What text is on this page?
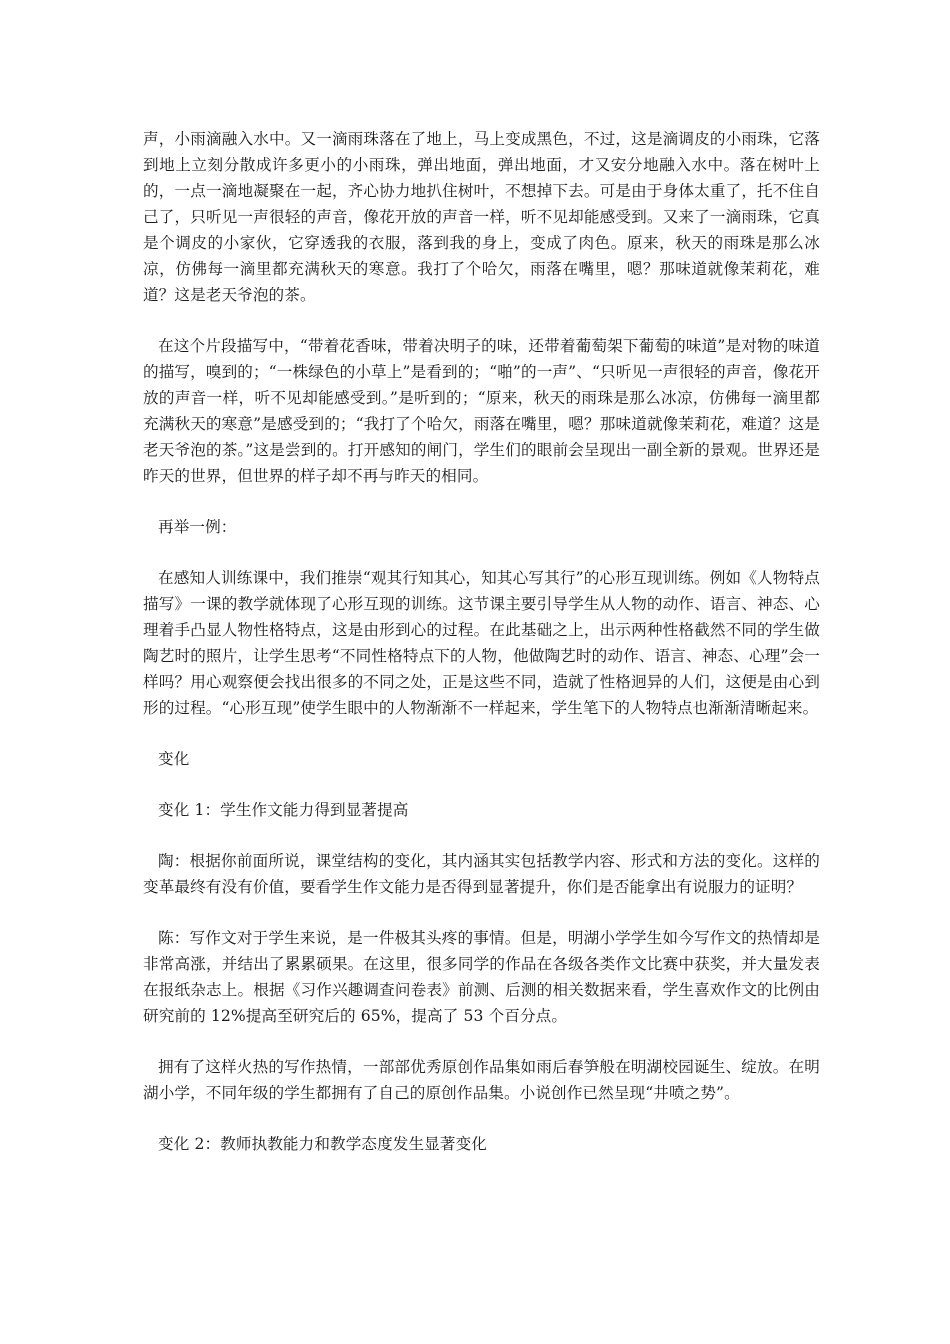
声，小雨滴融入水中。又一滴雨珠落在了地上，马上变成黑色，不过，这是滴调皮的小雨珠，它落到地上立刻分散成许多更小的小雨珠，弹出地面，弹出地面，才又安分地融入水中。落在树叶上的，一点一滴地凝聚在一起，齐心协力地扒住树叶，不想掉下去。可是由于身体太重了，托不住自己了，只听见一声很轻的声音，像花开放的声音一样，听不见却能感受到。又来了一滴雨珠，它真是个调皮的小家伙，它穿透我的衣服，落到我的身上，变成了肉色。原来，秋天的雨珠是那么冰凉，仿佛每一滴里都充满秋天的寒意。我打了个哈欠，雨落在嘴里，嗯？那味道就像茉莉花，难道？这是老天爷泡的茶。

在这个片段描写中，“带着花香味，带着决明子的味，还带着葡萄架下葡萄的味道”是对物的味道的描写，嗅到的；“一株绿色的小草上”是看到的；“啪”的一声”、“只听见一声很轻的声音，像花开放的声音一样，听不见却能感受到。”是听到的；“原来，秋天的雨珠是那么冰凉，仿佛每一滴里都充满秋天的寒意”是感受到的；“我打了个哈欠，雨落在嘴里，嗯？那味道就像茉莉花，难道？这是老天爷泡的茶。”这是尝到的。打开感知的闸门，学生们的眼前会呈现出一副全新的景观。世界还是昨天的世界，但世界的样子却不再与昨天的相同。

再举一例：

在感知人训练课中，我们推崇“观其行知其心，知其心写其行”的心形互现训练。例如《人物特点描写》一课的教学就体现了心形互现的训练。这节课主要引导学生从人物的动作、语言、神态、心理着手凸显人物性格特点，这是由形到心的过程。在此基础之上，出示两种性格截然不同的学生做陶艺时的照片，让学生思考“不同性格特点下的人物，他做陶艺时的动作、语言、神态、心理”会一样吗？用心观察便会找出很多的不同之处，正是这些不同，造就了性格迥异的人们，这便是由心到形的过程。“心形互现”使学生眼中的人物渐渐不一样起来，学生笔下的人物特点也渐渐清晰起来。

变化

变化 1：学生作文能力得到显著提高

陶：根据你前面所说，课堂结构的变化，其内涵其实包括教学内容、形式和方法的变化。这样的变革最终有没有价值，要看学生作文能力是否得到显著提升，你们是否能拿出有说服力的证明？

陈：写作文对于学生来说，是一件极其头疼的事情。但是，明湖小学学生如今写作文的热情却是非常高涨，并结出了累累硕果。在这里，很多同学的作品在各级各类作文比赛中获奖，并大量发表在报纸杂志上。根据《习作兴趣调查问卷表》前测、后测的相关数据来看，学生喜欢作文的比例由研究前的 12%提高至研究后的 65%，提高了 53 个百分点。

拥有了这样火热的写作热情，一部部优秀原创作品集如雨后春笋般在明湖校园诞生、绽放。在明湖小学，不同年级的学生都拥有了自己的原创作品集。小说创作已然呈现“井喷之势”。

变化 2：教师执教能力和教学态度发生显著变化
